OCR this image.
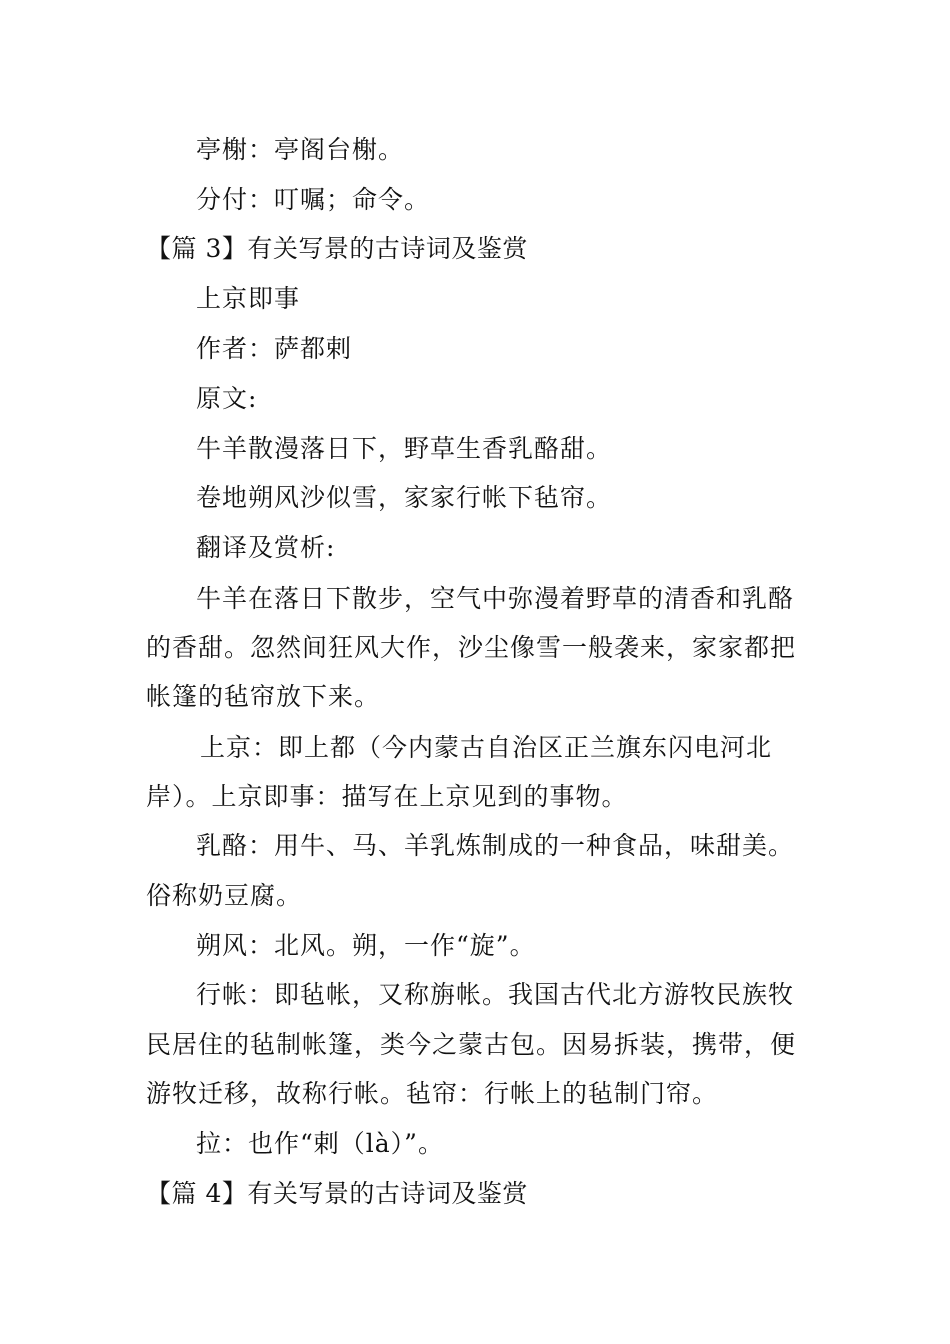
亭榭：亭阁台榭。
分付：叮嘱；命令。
【篇 3】有关写景的古诗词及鉴赏
上京即事
作者：萨都剌
原文:
牛羊散漫落日下，野草生香乳酪甜。
卷地朔风沙似雪，家家行帐下毡帘。
翻译及赏析:
牛羊在落日下散步，空气中弥漫着野草的清香和乳酪
的香甜。忽然间狂风大作，沙尘像雪一般袭来，家家都把
帐篷的毡帘放下来。
上京：即上都（今内蒙古自治区正兰旗东闪电河北
岸）。上京即事：描写在上京见到的事物。
乳酪：用牛、马、羊乳炼制成的一种食品，味甜美。
俗称奶豆腐。
朔风：北风。朔，一作“旋”。
行帐：即毡帐，又称旃帐。我国古代北方游牧民族牧
民居住的毡制帐篷，类今之蒙古包。因易拆装，携带，便
游牧迁移，故称行帐。毡帘：行帐上的毡制门帘。
拉：也作“剌（là）”。
【篇 4】有关写景的古诗词及鉴赏
